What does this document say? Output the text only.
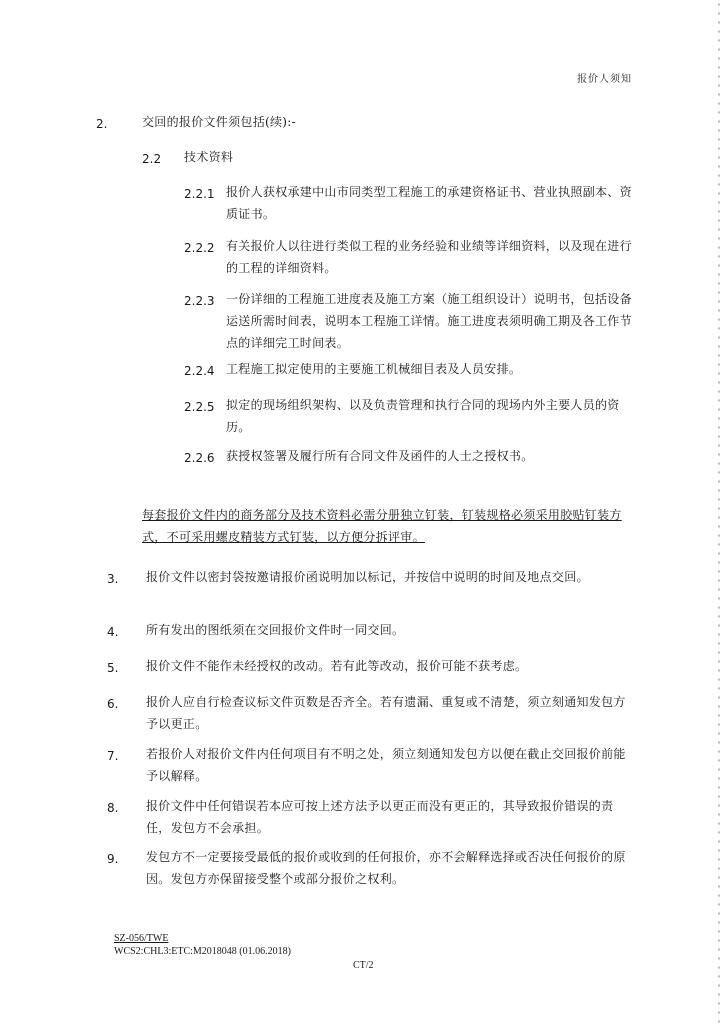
报价人须知
2.	交回的报价文件须包括(续):-
2.2 技术资料
2.2.1 报价人获权承建中山市同类型工程施工的承建资格证书、营业执照副本、资质证书。
2.2.2 有关报价人以往进行类似工程的业务经验和业绩等详细资料，以及现在进行的工程的详细资料。
2.2.3 一份详细的工程施工进度表及施工方案（施工组织设计）说明书，包括设备运送所需时间表，说明本工程施工详情。施工进度表须明确工期及各工作节点的详细完工时间表。
2.2.4 工程施工拟定使用的主要施工机械细目表及人员安排。
2.2.5 拟定的现场组织架构、以及负责管理和执行合同的现场内外主要人员的资历。
2.2.6 获授权签署及履行所有合同文件及函件的人士之授权书。
每套报价文件内的商务部分及技术资料必需分册独立钉装，钉装规格必须采用胶贴钉装方式，不可采用螺皮精装方式钉装，以方便分拆评审。
3. 报价文件以密封袋按邀请报价函说明加以标记，并按信中说明的时间及地点交回。
4. 所有发出的图纸须在交回报价文件时一同交回。
5. 报价文件不能作未经授权的改动。若有此等改动，报价可能不获考虑。
6. 报价人应自行检查议标文件页数是否齐全。若有遗漏、重复或不清楚，须立刻通知发包方予以更正。
7. 若报价人对报价文件内任何项目有不明之处，须立刻通知发包方以便在截止交回报价前能予以解释。
8. 报价文件中任何错误若本应可按上述方法予以更正而没有更正的，其导致报价错误的责任，发包方不会承担。
9. 发包方不一定要接受最低的报价或收到的任何报价，亦不会解释选择或否决任何报价的原因。发包方亦保留接受整个或部分报价之权利。
SZ-056/TWE
WCS2:CHL3:ETC:M2018048 (01.06.2018)
CT/2
